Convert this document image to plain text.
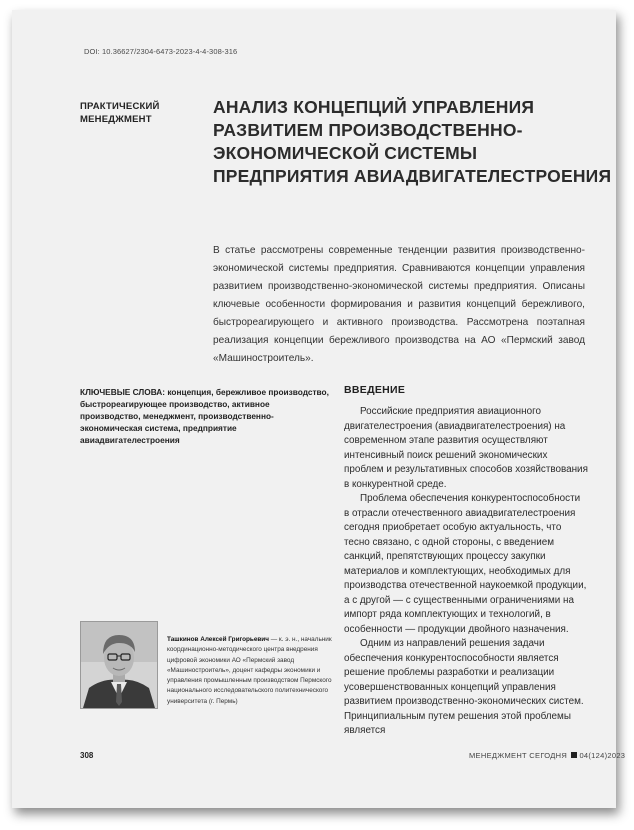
DOI: 10.36627/2304-6473-2023-4-4-308-316
ПРАКТИЧЕСКИЙ МЕНЕДЖМЕНТ
АНАЛИЗ КОНЦЕПЦИЙ УПРАВЛЕНИЯ РАЗВИТИЕМ ПРОИЗВОДСТВЕННО-ЭКОНОМИЧЕСКОЙ СИСТЕМЫ ПРЕДПРИЯТИЯ АВИАДВИГАТЕЛЕСТРОЕНИЯ
В статье рассмотрены современные тенденции развития производственно-экономической системы предприятия. Сравниваются концепции управления развитием производственно-экономической системы предприятия. Описаны ключевые особенности формирования и развития концепций бережливого, быстрореагирующего и активного производства. Рассмотрена поэтапная реализация концепции бережливого производства на АО «Пермский завод «Машиностроитель».
КЛЮЧЕВЫЕ СЛОВА: концепция, бережливое производство, быстрореагирующее производство, активное производство, менеджмент, производственно-экономическая система, предприятие авиадвигателестроения
ВВЕДЕНИЕ

Российские предприятия авиационного двигателестроения (авиадвигателестроения) на современном этапе развития осуществляют интенсивный поиск решений экономических проблем и результативных способов хозяйствования в конкурентной среде.

Проблема обеспечения конкурентоспособности в отрасли отечественного авиадвигателестроения сегодня приобретает особую актуальность, что тесно связано, с одной стороны, с введением санкций, препятствующих процессу закупки материалов и комплектующих, необходимых для производства отечественной наукоемкой продукции, а с другой — с существенными ограничениями на импорт ряда комплектующих и технологий, в особенности — продукции двойного назначения.

Одним из направлений решения задачи обеспечения конкурентоспособности является решение проблемы разработки и реализации усовершенствованных концепций управления развитием производственно-экономических систем. Принципиальным путем решения этой проблемы является

Ташкинов Алексей Григорьевич — к. э. н., начальник координационно-методического центра внедрения цифровой экономики АО «Пермский завод «Машиностроитель», доцент кафедры экономики и управления промышленным производством Пермского национального исследовательского политехнического университета (г. Пермь)
308	МЕНЕДЖМЕНТ СЕГОДНЯ 04(124)2023
